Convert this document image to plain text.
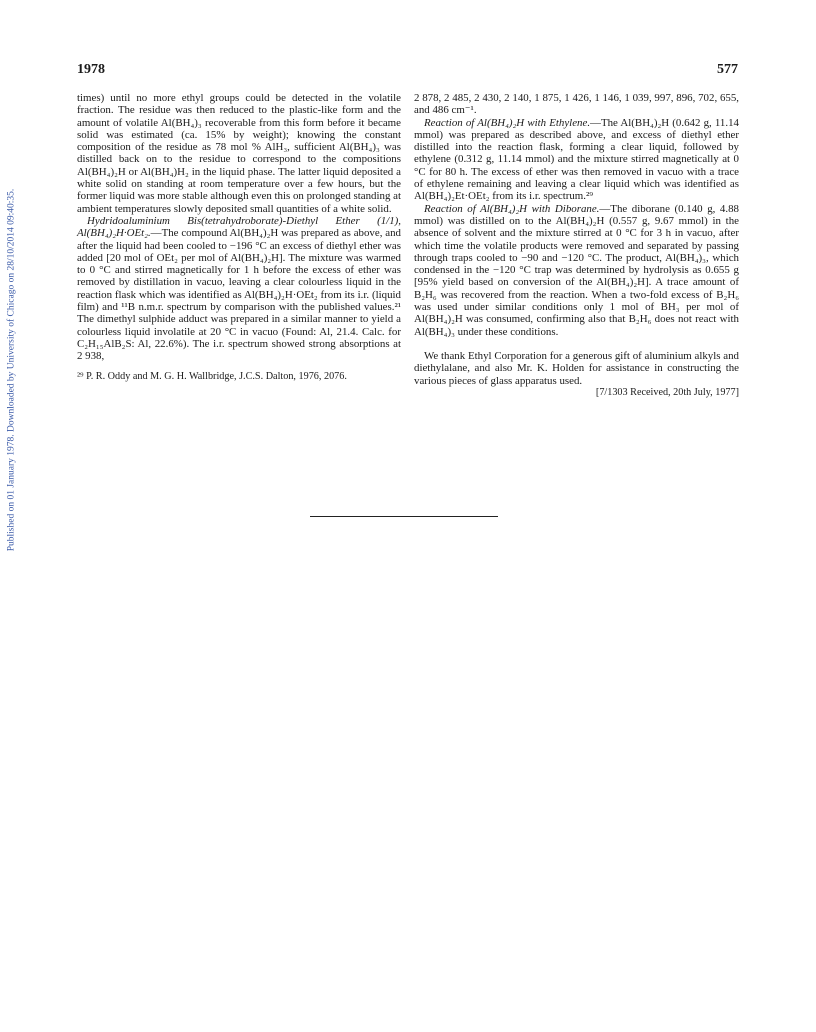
1978	577
Published on 01 January 1978. Downloaded by University of Chicago on 28/10/2014 09:40:35.

times) until no more ethyl groups could be detected in the volatile fraction. The residue was then reduced to the plastic-like form and the amount of volatile Al(BH₄)₃ recoverable from this form before it became solid was estimated (ca. 15% by weight); knowing the constant composition of the residue as 78 mol % AlH₃, sufficient Al(BH₄)₃ was distilled back on to the residue to correspond to the compositions Al(BH₄)₂H or Al(BH₄)H₂ in the liquid phase. The latter liquid deposited a white solid on standing at room temperature over a few hours, but the former liquid was more stable although even this on prolonged standing at ambient temperatures slowly deposited small quantities of a white solid.

Hydridoaluminium Bis(tetrahydroborate)-Diethyl Ether (1/1), Al(BH₄)₂H·OEt₂.—The compound Al(BH₄)₂H was prepared as above, and after the liquid had been cooled to −196 °C an excess of diethyl ether was added [20 mol of OEt₂ per mol of Al(BH₄)₂H]. The mixture was warmed to 0 °C and stirred magnetically for 1 h before the excess of ether was removed by distillation in vacuo, leaving a clear colourless liquid in the reaction flask which was identified as Al(BH₄)₂H·OEt₂ from its i.r. (liquid film) and ¹¹B n.m.r. spectrum by comparison with the published values.²¹ The dimethyl sulphide adduct was prepared in a similar manner to yield a colourless liquid involatile at 20 °C in vacuo (Found: Al, 21.4. Calc. for C₂H₁₅AlB₂S: Al, 22.6%). The i.r. spectrum showed strong absorptions at 2 938,

²⁹ P. R. Oddy and M. G. H. Wallbridge, J.C.S. Dalton, 1976, 2076.

2 878, 2 485, 2 430, 2 140, 1 875, 1 426, 1 146, 1 039, 997, 896, 702, 655, and 486 cm⁻¹.

Reaction of Al(BH₄)₂H with Ethylene.—The Al(BH₄)₂H (0.642 g, 11.14 mmol) was prepared as described above, and excess of diethyl ether distilled into the reaction flask, forming a clear liquid, followed by ethylene (0.312 g, 11.14 mmol) and the mixture stirred magnetically at 0 °C for 80 h. The excess of ether was then removed in vacuo with a trace of ethylene remaining and leaving a clear liquid which was identified as Al(BH₄)₂Et·OEt₂ from its i.r. spectrum.²⁹

Reaction of Al(BH₄)₂H with Diborane.—The diborane (0.140 g, 4.88 mmol) was distilled on to the Al(BH₄)₂H (0.557 g, 9.67 mmol) in the absence of solvent and the mixture stirred at 0 °C for 3 h in vacuo, after which time the volatile products were removed and separated by passing through traps cooled to −90 and −120 °C. The product, Al(BH₄)₃, which condensed in the −120 °C trap was determined by hydrolysis as 0.655 g [95% yield based on conversion of the Al(BH₄)₂H]. A trace amount of B₂H₆ was recovered from the reaction. When a two-fold excess of B₂H₆ was used under similar conditions only 1 mol of BH₃ per mol of Al(BH₄)₂H was consumed, confirming also that B₂H₆ does not react with Al(BH₄)₃ under these conditions.

We thank Ethyl Corporation for a generous gift of aluminium alkyls and diethylalane, and also Mr. K. Holden for assistance in constructing the various pieces of glass apparatus used.

[7/1303 Received, 20th July, 1977]
